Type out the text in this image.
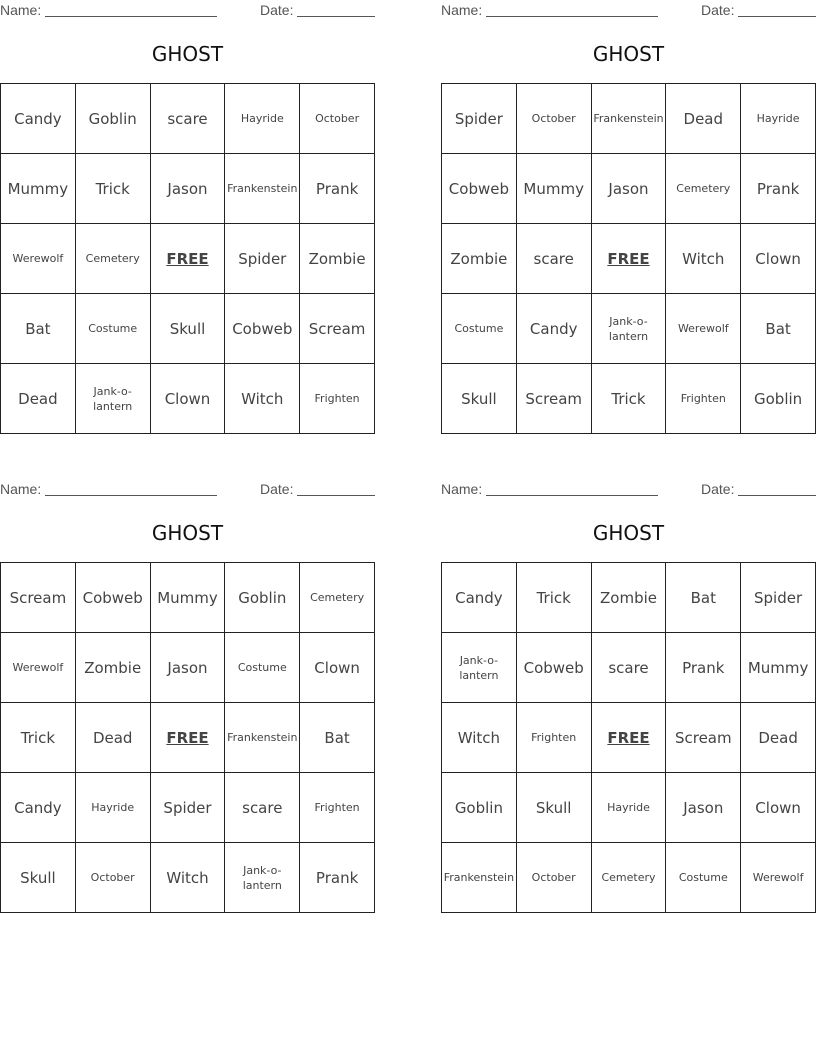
Name:	Date:
GHOST
Candy	Goblin	scare	Hayride	October
Mummy	Trick	Jason	Frankenstein	Prank
Werewolf	Cemetery	FREE	Spider	Zombie
Bat	Costume	Skull	Cobweb	Scream
Dead	Jank-o-lantern	Clown	Witch	Frighten
Name:	Date:
GHOST
Spider	October	Frankenstein	Dead	Hayride
Cobweb	Mummy	Jason	Cemetery	Prank
Zombie	scare	FREE	Witch	Clown
Costume	Candy	Jank-o-lantern	Werewolf	Bat
Skull	Scream	Trick	Frighten	Goblin
Name:	Date:
GHOST
Scream	Cobweb	Mummy	Goblin	Cemetery
Werewolf	Zombie	Jason	Costume	Clown
Trick	Dead	FREE	Frankenstein	Bat
Candy	Hayride	Spider	scare	Frighten
Skull	October	Witch	Jank-o-lantern	Prank
Name:	Date:
GHOST
Candy	Trick	Zombie	Bat	Spider
Jank-o-lantern	Cobweb	scare	Prank	Mummy
Witch	Frighten	FREE	Scream	Dead
Goblin	Skull	Hayride	Jason	Clown
Frankenstein	October	Cemetery	Costume	Werewolf
